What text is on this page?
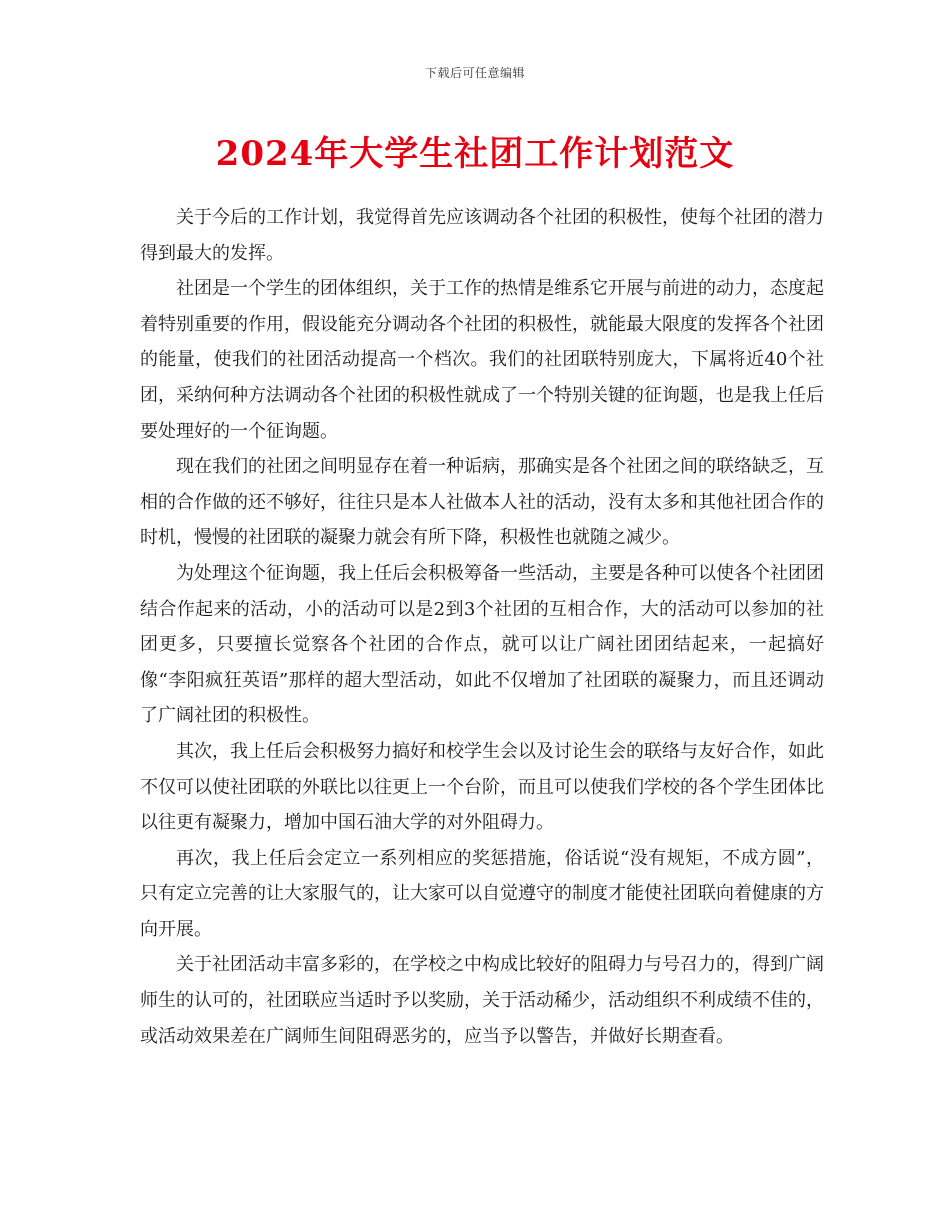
下载后可任意编辑
2024年大学生社团工作计划范文

关于今后的工作计划，我觉得首先应该调动各个社团的积极性，使每个社团的潜力得到最大的发挥。

社团是一个学生的团体组织，关于工作的热情是维系它开展与前进的动力，态度起着特别重要的作用，假设能充分调动各个社团的积极性，就能最大限度的发挥各个社团的能量，使我们的社团活动提高一个档次。我们的社团联特别庞大，下属将近40个社团，采纳何种方法调动各个社团的积极性就成了一个特别关键的征询题，也是我上任后要处理好的一个征询题。

现在我们的社团之间明显存在着一种诟病，那确实是各个社团之间的联络缺乏，互相的合作做的还不够好，往往只是本人社做本人社的活动，没有太多和其他社团合作的时机，慢慢的社团联的凝聚力就会有所下降，积极性也就随之减少。

为处理这个征询题，我上任后会积极筹备一些活动，主要是各种可以使各个社团团结合作起来的活动，小的活动可以是2到3个社团的互相合作，大的活动可以参加的社团更多，只要擅长觉察各个社团的合作点，就可以让广阔社团团结起来，一起搞好像“李阳疯狂英语”那样的超大型活动，如此不仅增加了社团联的凝聚力，而且还调动了广阔社团的积极性。

其次，我上任后会积极努力搞好和校学生会以及讨论生会的联络与友好合作，如此不仅可以使社团联的外联比以往更上一个台阶，而且可以使我们学校的各个学生团体比以往更有凝聚力，增加中国石油大学的对外阻碍力。

再次，我上任后会定立一系列相应的奖惩措施，俗话说“没有规矩，不成方圆”，只有定立完善的让大家服气的，让大家可以自觉遵守的制度才能使社团联向着健康的方向开展。

关于社团活动丰富多彩的，在学校之中构成比较好的阻碍力与号召力的，得到广阔师生的认可的，社团联应当适时予以奖励，关于活动稀少，活动组织不利成绩不佳的，或活动效果差在广阔师生间阻碍恶劣的，应当予以警告，并做好长期查看。
